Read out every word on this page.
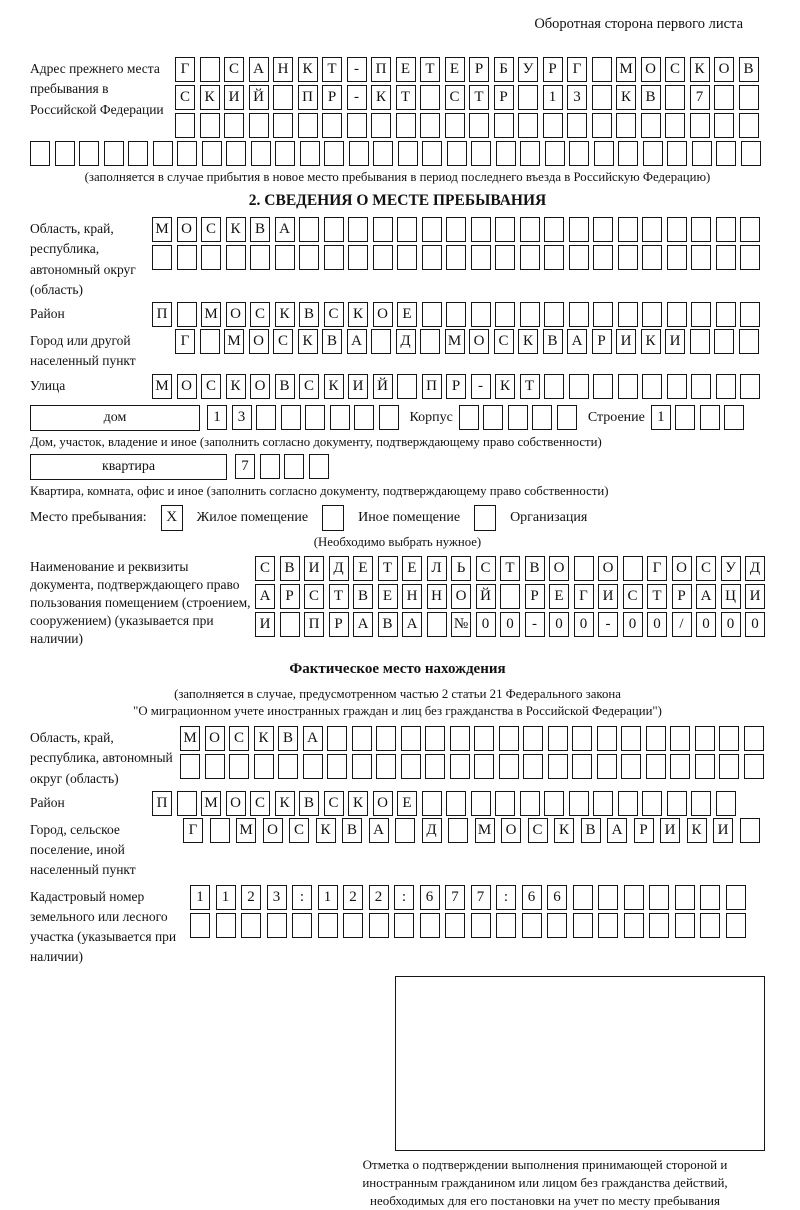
Оборотная сторона первого листа
Адрес прежнего места пребывания в Российской Федерации
Г	С А Н К Т	-	П Е	Т	Е	Р	Б У	Р	Г	М О С К О В
С К И Й	П Р	-	К Т	С Т	Р	1	3	К В	7
(заполняется в случае прибытия в новое место пребывания в период последнего въезда в Российскую Федерацию)
2. СВЕДЕНИЯ О МЕСТЕ ПРЕБЫВАНИЯ
Область, край, республика, автономный округ (область)
М О С К В А
Район	П	М О С К В С К О Е
Город или другой населенный пункт
Г	М О С К В А	Д	М О С К В А Р И К И
Улица	М О С К О В С К И Й	П Р	-	К Т
дом	1	3	Корпус	Строение 1
Дом, участок, владение и иное (заполнить согласно документу, подтверждающему право собственности)
квартира	7
Квартира, комната, офис и иное (заполнить согласно документу, подтверждающему право собственности)
Место пребывания:	X	Жилое помещение	Иное помещение	Организация
(Необходимо выбрать нужное)
Наименование и реквизиты документа, подтверждающего право пользования помещением (строением, сооружением) (указывается при наличии)
С В И Д Е	Т	Е Л	Ь	С Т В О	О	Г О С У Д
А Р	С Т В Е Н Н О Й	Р	Е	Г И С Т	Р А Ц И
И	П Р А В А	№ 0	0	-	0	0	-	0	0	/	0	0	0
Фактическое место нахождения
(заполняется в случае, предусмотренном частью 2 статьи 21 Федерального закона
"О миграционном учете иностранных граждан и лиц без гражданства в Российской Федерации")
Область, край, республика, автономный округ (область)
М О С К В А
Район	П	М О С К В С К О Е
Город, сельское поселение, иной населенный пункт
Г	М О	С	К	В	А	Д	М О	С	К	В	А	Р	И	К	И
Кадастровый номер земельного или лесного участка (указывается при наличии)
1	1	2	3	:	1	2	2	:	6	7	7	:	6	6
Отметка о подтверждении выполнения принимающей стороной и иностранным гражданином или лицом без гражданства действий, необходимых для его постановки на учет по месту пребывания
